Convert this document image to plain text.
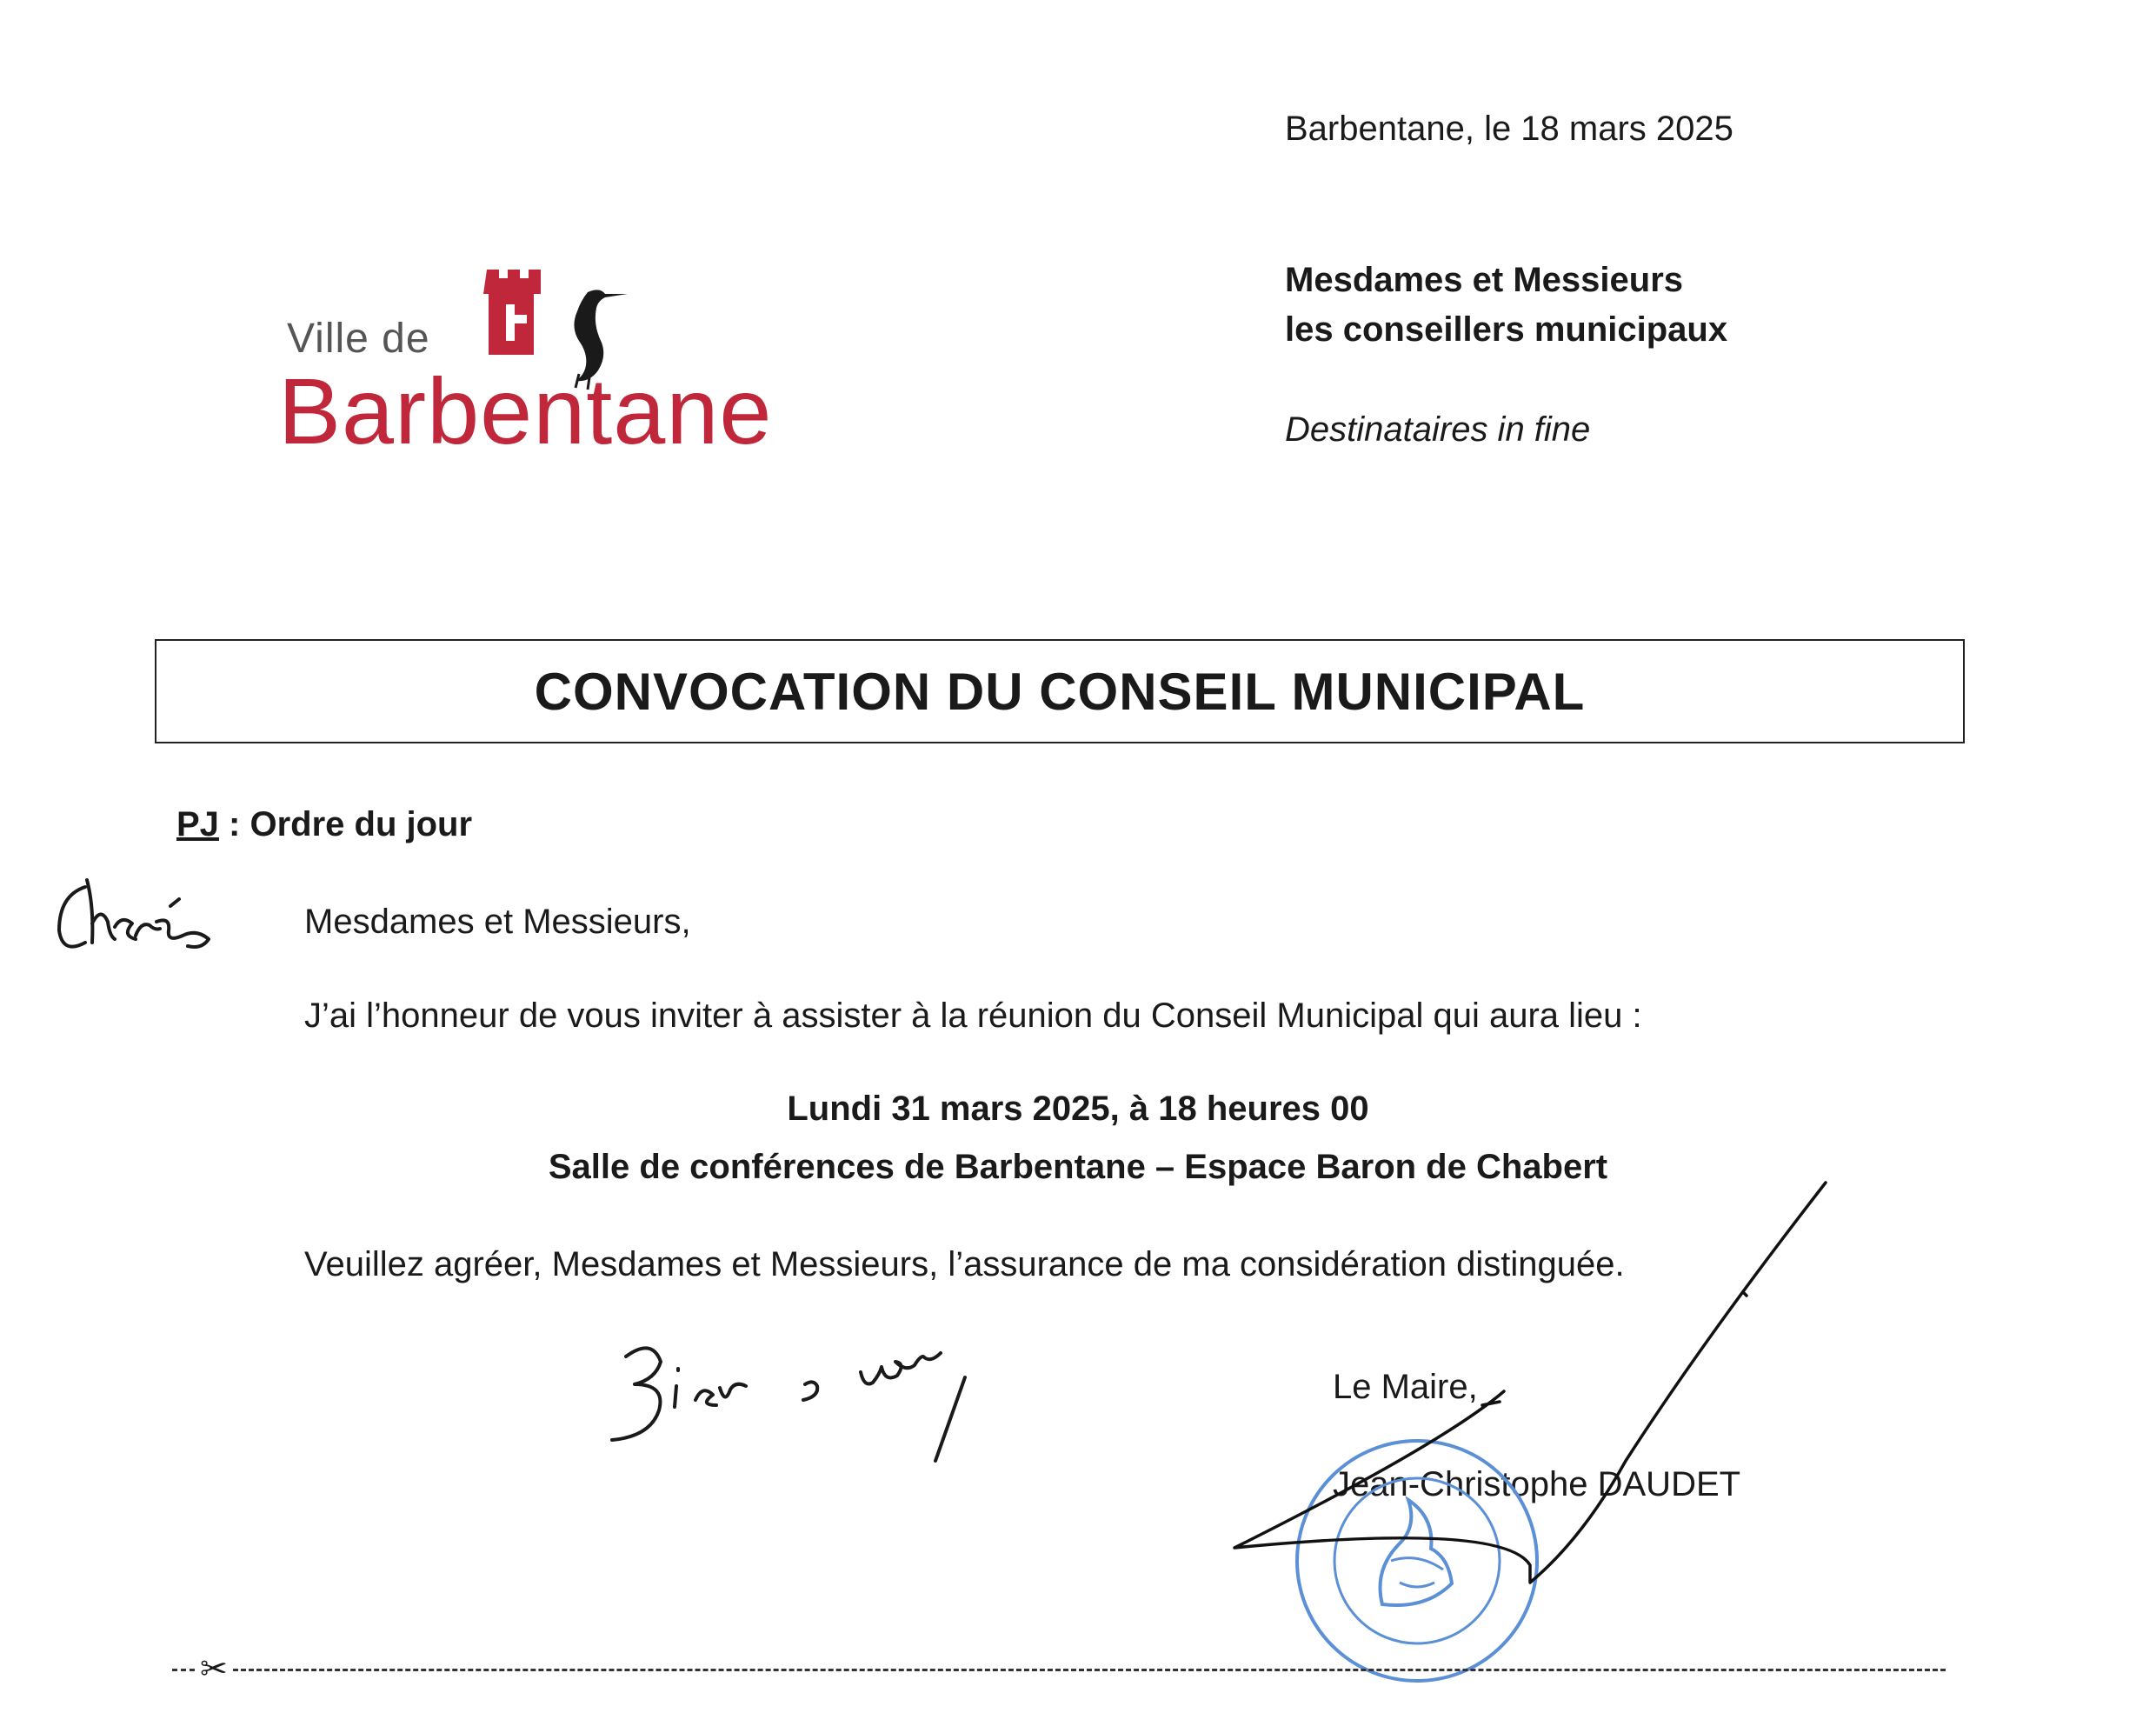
Barbentane, le 18 mars 2025
Mesdames et Messieurs
les conseillers municipaux
Destinataires in fine
Ville de
Barbentane
CONVOCATION DU CONSEIL MUNICIPAL
PJ : Ordre du jour
Mesdames et Messieurs,
J’ai l’honneur de vous inviter à assister à la réunion du Conseil Municipal qui aura lieu :
Lundi 31 mars 2025, à 18 heures 00
Salle de conférences de Barbentane – Espace Baron de Chabert
Veuillez agréer, Mesdames et Messieurs, l’assurance de ma considération distinguée.
Le Maire,
Jean-Christophe DAUDET
✂
